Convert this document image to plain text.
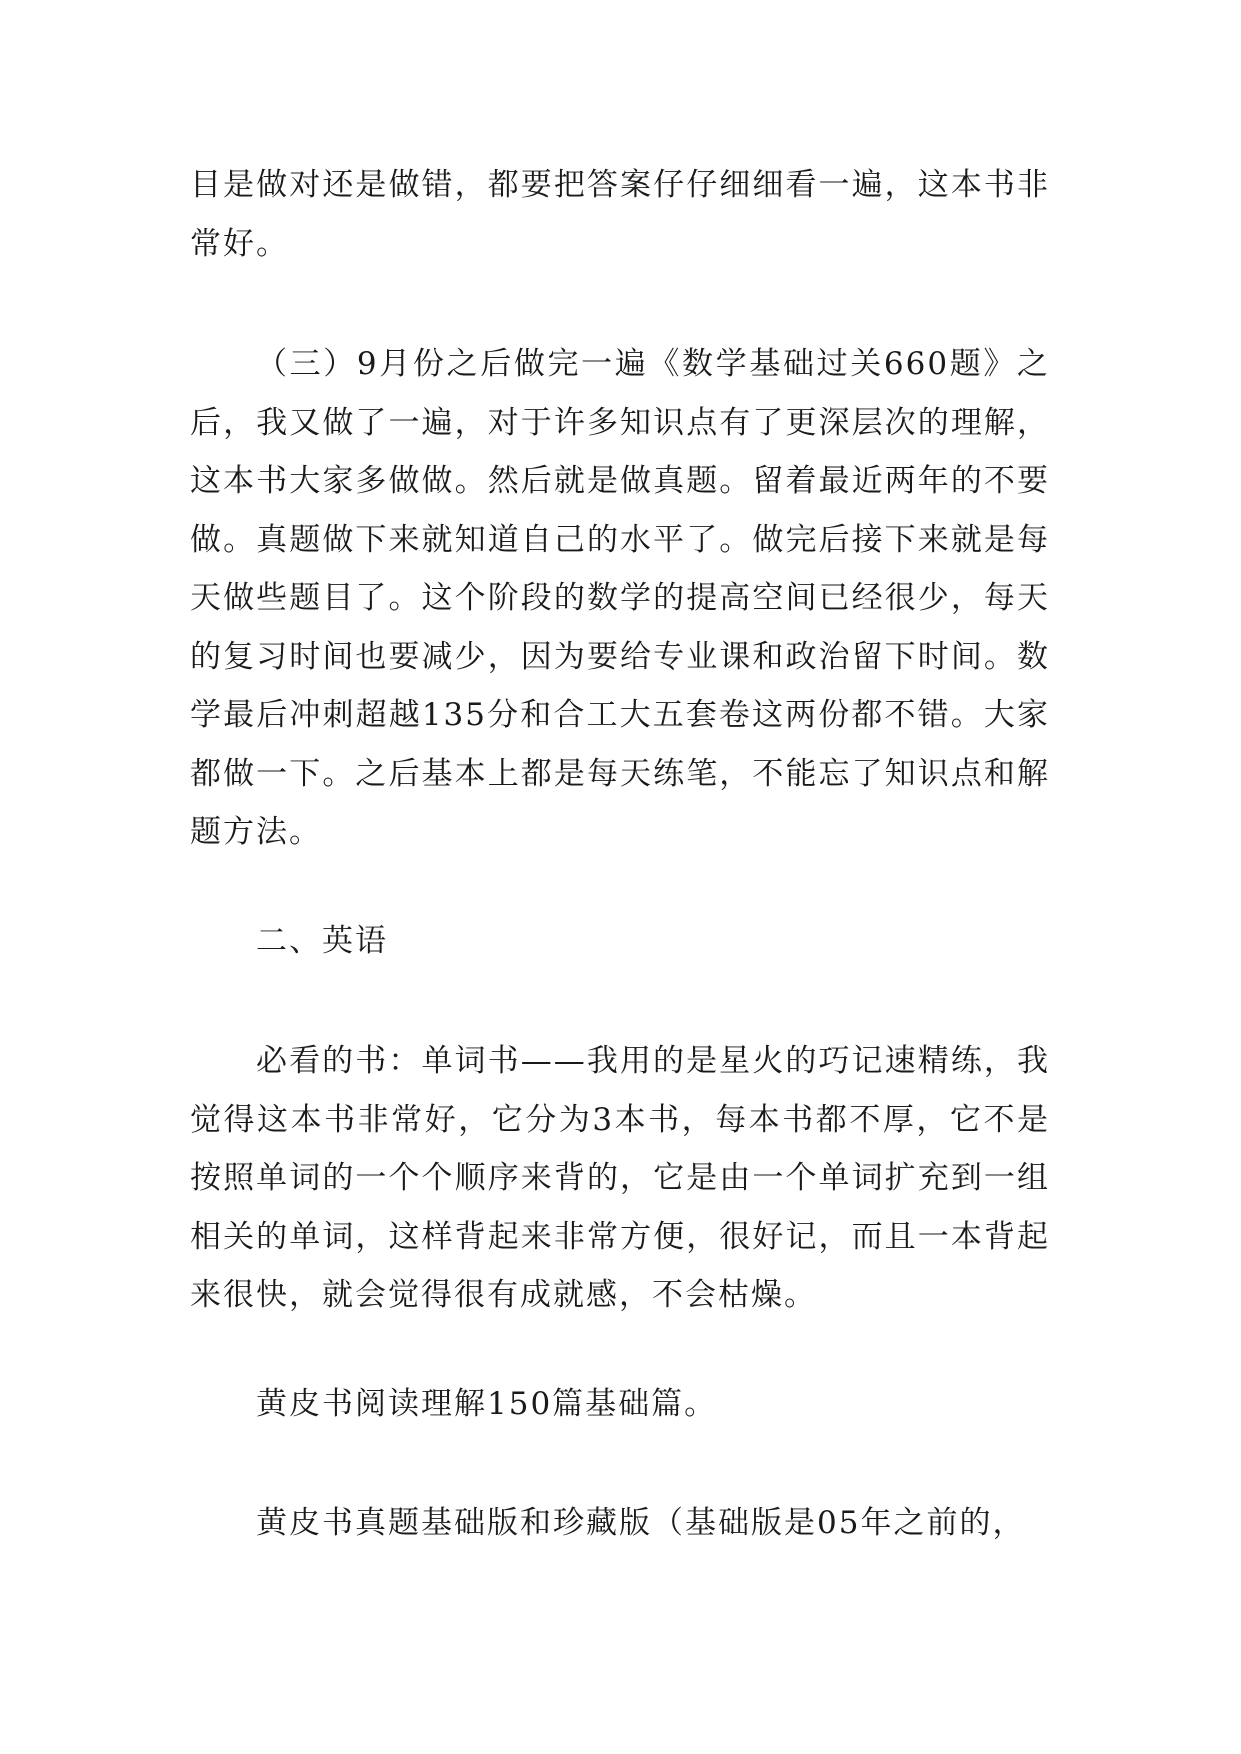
目是做对还是做错，都要把答案仔仔细细看一遍，这本书非常好。

（三）9月份之后做完一遍《数学基础过关660题》之后，我又做了一遍，对于许多知识点有了更深层次的理解，这本书大家多做做。然后就是做真题。留着最近两年的不要做。真题做下来就知道自己的水平了。做完后接下来就是每天做些题目了。这个阶段的数学的提高空间已经很少，每天的复习时间也要减少，因为要给专业课和政治留下时间。数学最后冲刺超越135分和合工大五套卷这两份都不错。大家都做一下。之后基本上都是每天练笔，不能忘了知识点和解题方法。

二、英语

必看的书：单词书——我用的是星火的巧记速精练，我觉得这本书非常好，它分为3本书，每本书都不厚，它不是按照单词的一个个顺序来背的，它是由一个单词扩充到一组相关的单词，这样背起来非常方便，很好记，而且一本背起来很快，就会觉得很有成就感，不会枯燥。

黄皮书阅读理解150篇基础篇。

黄皮书真题基础版和珍藏版（基础版是05年之前的，
